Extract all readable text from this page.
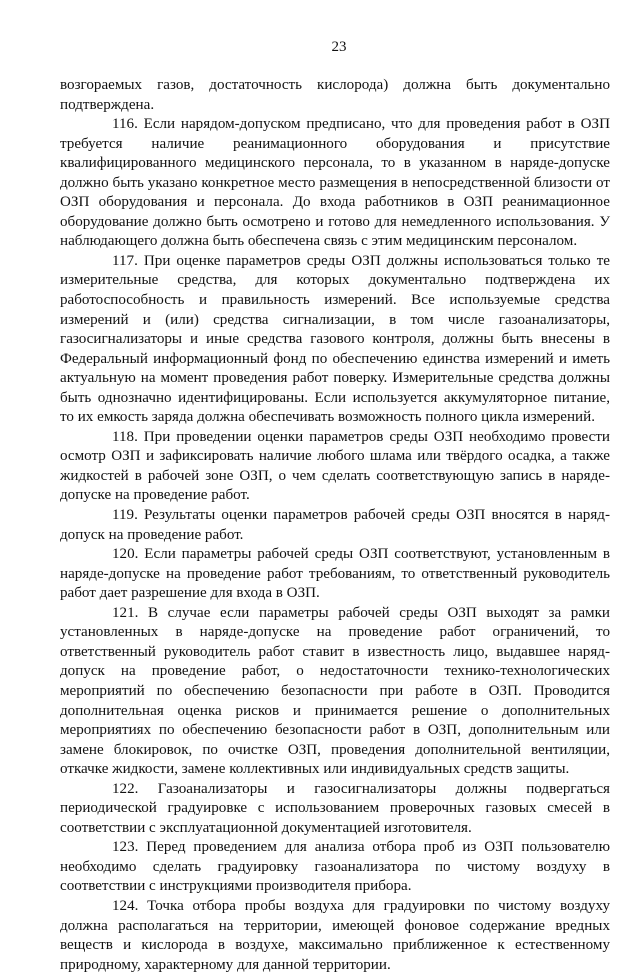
23

возгораемых газов, достаточность кислорода) должна быть документально подтверждена.

116. Если нарядом-допуском предписано, что для проведения работ в ОЗП требуется наличие реанимационного оборудования и присутствие квалифицированного медицинского персонала, то в указанном в наряде-допуске должно быть указано конкретное место размещения в непосредственной близости от ОЗП оборудования и персонала. До входа работников в ОЗП реанимационное оборудование должно быть осмотрено и готово для немедленного использования. У наблюдающего должна быть обеспечена связь с этим медицинским персоналом.

117. При оценке параметров среды ОЗП должны использоваться только те измерительные средства, для которых документально подтверждена их работоспособность и правильность измерений. Все используемые средства измерений и (или) средства сигнализации, в том числе газоанализаторы, газосигнализаторы и иные средства газового контроля, должны быть внесены в Федеральный информационный фонд по обеспечению единства измерений и иметь актуальную на момент проведения работ поверку. Измерительные средства должны быть однозначно идентифицированы. Если используется аккумуляторное питание, то их емкость заряда должна обеспечивать возможность полного цикла измерений.

118. При проведении оценки параметров среды ОЗП необходимо провести осмотр ОЗП и зафиксировать наличие любого шлама или твёрдого осадка, а также жидкостей в рабочей зоне ОЗП, о чем сделать соответствующую запись в наряде-допуске на проведение работ.

119. Результаты оценки параметров рабочей среды ОЗП вносятся в наряд-допуск на проведение работ.

120. Если параметры рабочей среды ОЗП соответствуют, установленным в наряде-допуске на проведение работ требованиям, то ответственный руководитель работ дает разрешение для входа в ОЗП.

121. В случае если параметры рабочей среды ОЗП выходят за рамки установленных в наряде-допуске на проведение работ ограничений, то ответственный руководитель работ ставит в известность лицо, выдавшее наряд-допуск на проведение работ, о недостаточности технико-технологических мероприятий по обеспечению безопасности при работе в ОЗП. Проводится дополнительная оценка рисков и принимается решение о дополнительных мероприятиях по обеспечению безопасности работ в ОЗП, дополнительным или замене блокировок, по очистке ОЗП, проведения дополнительной вентиляции, откачке жидкости, замене коллективных или индивидуальных средств защиты.

122. Газоанализаторы и газосигнализаторы должны подвергаться периодической градуировке с использованием проверочных газовых смесей в соответствии с эксплуатационной документацией изготовителя.

123. Перед проведением для анализа отбора проб из ОЗП пользователю необходимо сделать градуировку газоанализатора по чистому воздуху в соответствии с инструкциями производителя прибора.

124. Точка отбора пробы воздуха для градуировки по чистому воздуху должна располагаться на территории, имеющей фоновое содержание вредных веществ и кислорода в воздухе, максимально приближенное к естественному природному, характерному для данной территории.
